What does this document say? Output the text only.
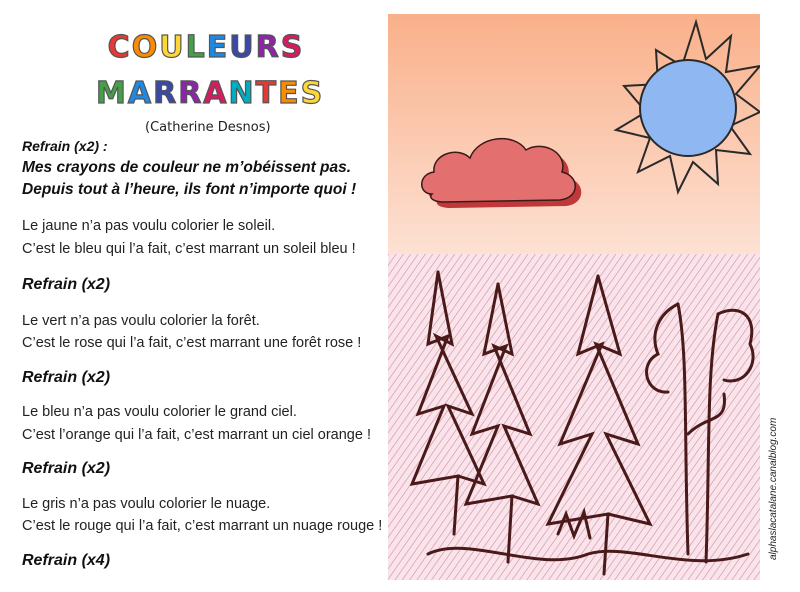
COULEURS
MARRANTES
(Catherine Desnos)
Refrain (x2) :
Mes crayons de couleur ne m’obéissent pas.
Depuis tout à l’heure, ils font n’importe quoi !
Le jaune n’a pas voulu colorier le soleil.
C’est le bleu qui l’a fait, c’est marrant un soleil bleu !
Refrain (x2)
Le vert n’a pas voulu colorier la forêt.
C’est le rose qui l’a fait, c’est marrant une forêt rose !
Refrain (x2)
Le bleu n’a pas voulu colorier le grand ciel.
C’est l’orange qui l’a fait, c’est marrant un ciel orange !
Refrain (x2)
Le gris n’a pas voulu colorier le nuage.
C’est le rouge qui l’a fait, c’est marrant un nuage rouge !
Refrain (x4)
alphaslacatalane.canalblog.com
